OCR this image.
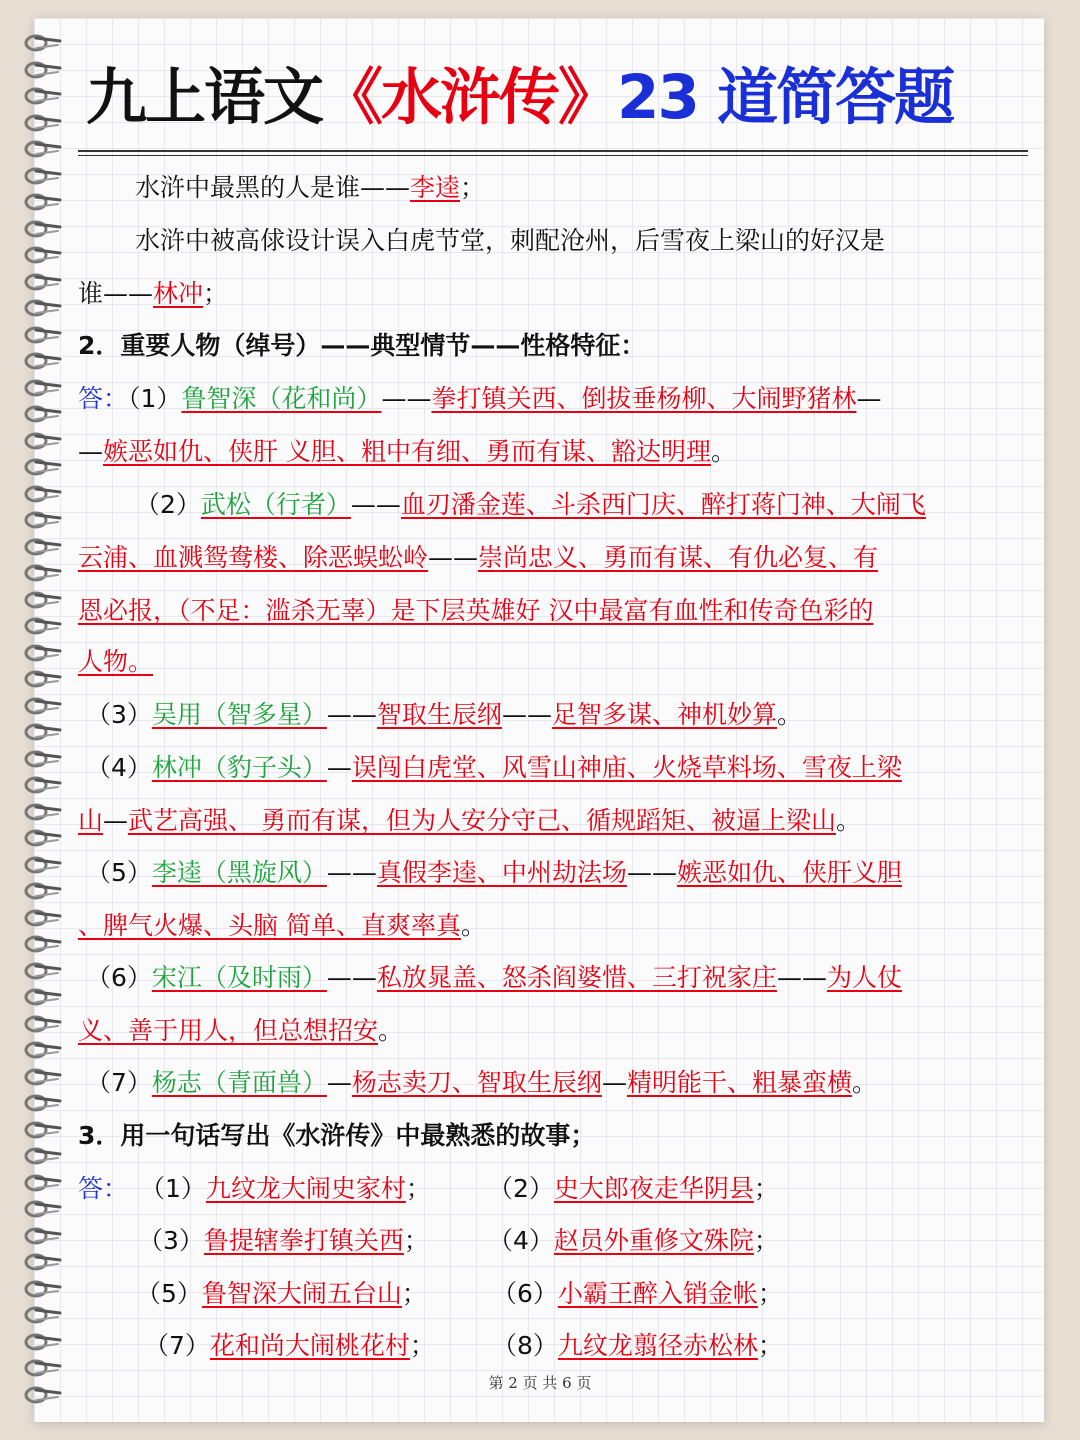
九上语文《水浒传》23 道简答题
水浒中最黑的人是谁——李逵；
水浒中被高俅设计误入白虎节堂，刺配沧州，后雪夜上梁山的好汉是
谁——林冲；
2．重要人物（绰号）——典型情节——性格特征：
答：（1）鲁智深（花和尚）——拳打镇关西、倒拔垂杨柳、大闹野猪林—
—嫉恶如仇、侠肝 义胆、粗中有细、勇而有谋、豁达明理。
（2）武松（行者）——血刃潘金莲、斗杀西门庆、醉打蒋门神、大闹飞
云浦、血溅鸳鸯楼、除恶蜈蚣岭——崇尚忠义、勇而有谋、有仇必复、有
恩必报，（不足：滥杀无辜）是下层英雄好 汉中最富有血性和传奇色彩的
人物。
（3）吴用（智多星）——智取生辰纲——足智多谋、神机妙算。
（4）林冲（豹子头）—误闯白虎堂、风雪山神庙、火烧草料场、雪夜上梁
山—武艺高强、 勇而有谋，但为人安分守己、循规蹈矩、被逼上梁山。
（5）李逵（黑旋风）——真假李逵、中州劫法场——嫉恶如仇、侠肝义胆
、脾气火爆、头脑 简单、直爽率真。
（6）宋江（及时雨）——私放晁盖、怒杀阎婆惜、三打祝家庄——为人仗
义、善于用人，但总想招安。
（7）杨志（青面兽）—杨志卖刀、智取生辰纲—精明能干、粗暴蛮横。
3．用一句话写出《水浒传》中最熟悉的故事；
答： （1）九纹龙大闹史家村； （2）史大郎夜走华阴县；
（3）鲁提辖拳打镇关西； （4）赵员外重修文殊院；
（5）鲁智深大闹五台山；	（6）小霸王醉入销金帐；
（7）花和尚大闹桃花村； （8）九纹龙翦径赤松林；
第 2 页 共 6 页
